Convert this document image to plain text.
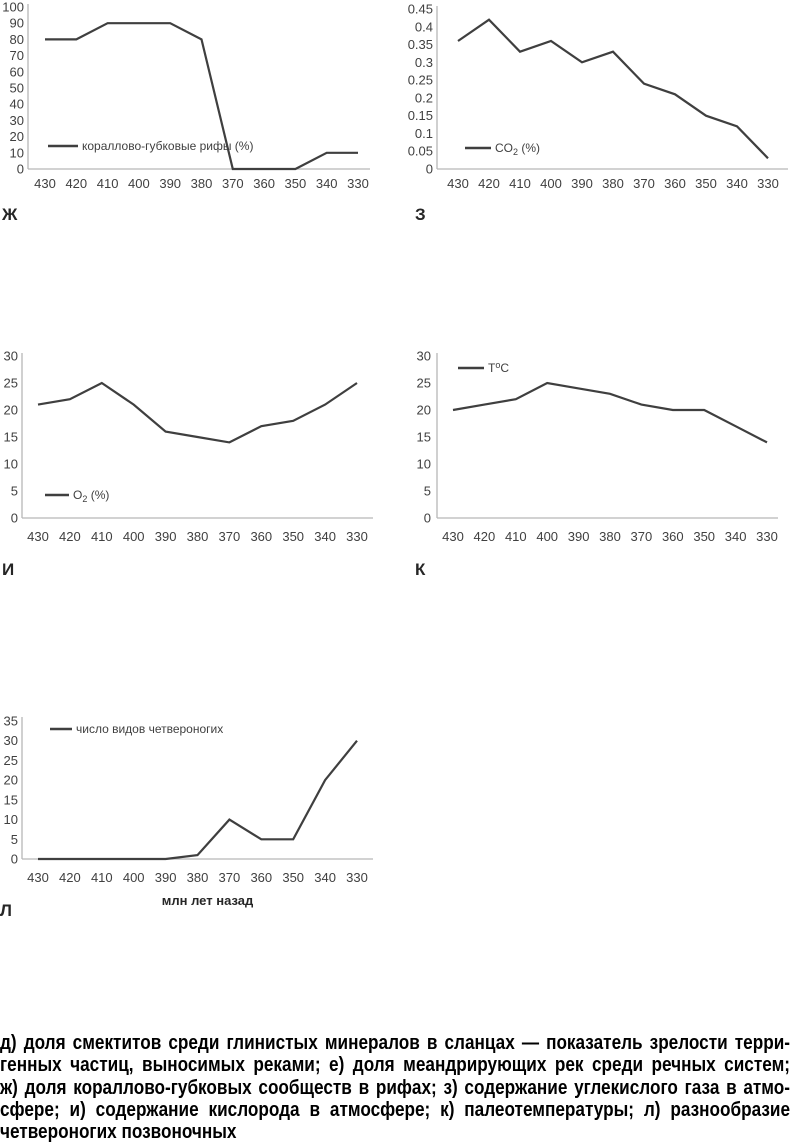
0
10
20
30
40
50
60
70
80
90
100
430 420 410 400 390 380 370 360 350 340 330
кораллово-губковые рифы (%)
0
0.05
0.1
0.15
0.2
0.25
0.3
0.35
0.4
0.45
430 420 410 400 390 380 370 360 350 340 330
$CO_2$ (%)
0
5
10
15
20
25
30
430 420 410 400 390 380 370 360 350 340 330
$O_2$ (%)
0
5
10
15
20
25
30
430 420 410 400 390 380 370 360 350 340 330
$T^oC$
0
5
10
15
20
25
30
35
430 420 410 400 390 380 370 360 350 340 330
число видов четвероногих
млн лет назад
Ж	З
И	К
Л
д) доля смектитов среди глинистых минералов в сланцах — показатель зрелости терри-
генных частиц, выносимых реками; е) доля меандрирующих рек среди речных систем;
ж) доля кораллово-губковых сообществ в рифах; з) содержание углекислого газа в атмо-
сфере; и) содержание кислорода в атмосфере; к) палеотемпературы; л) разнообразие
четвероногих позвоночных
